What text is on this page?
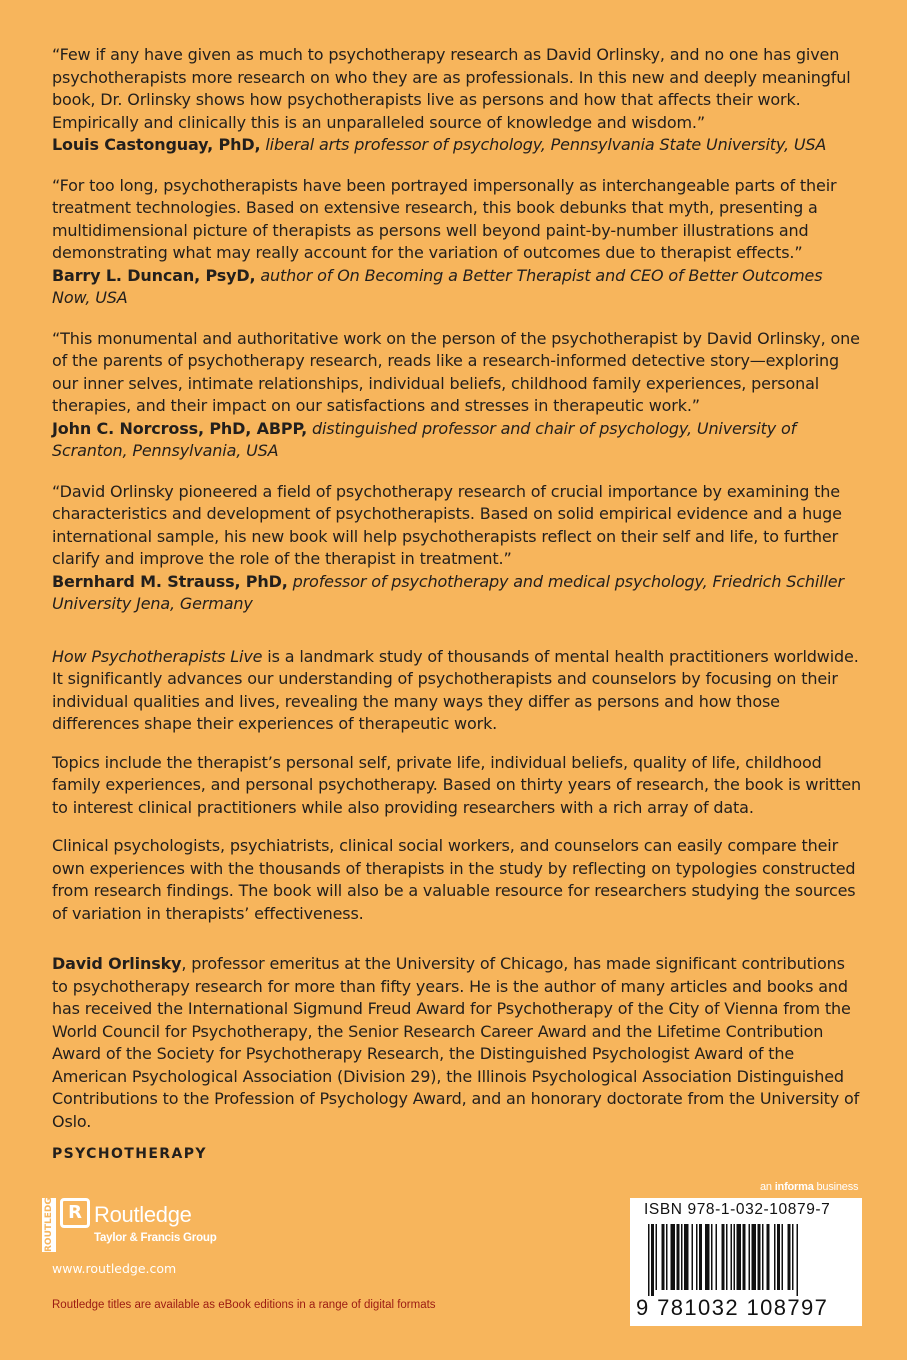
“Few if any have given as much to psychotherapy research as David Orlinsky, and no one has given psychotherapists more research on who they are as professionals. In this new and deeply meaningful book, Dr. Orlinsky shows how psychotherapists live as persons and how that affects their work. Empirically and clinically this is an unparalleled source of knowledge and wisdom.”

Louis Castonguay, PhD, liberal arts professor of psychology, Pennsylvania State University, USA

“For too long, psychotherapists have been portrayed impersonally as interchangeable parts of their treatment technologies. Based on extensive research, this book debunks that myth, presenting a multidimensional picture of therapists as persons well beyond paint-by-number illustrations and demonstrating what may really account for the variation of outcomes due to therapist effects.”

Barry L. Duncan, PsyD, author of On Becoming a Better Therapist and CEO of Better Outcomes Now, USA

“This monumental and authoritative work on the person of the psychotherapist by David Orlinsky, one of the parents of psychotherapy research, reads like a research-informed detective story—exploring our inner selves, intimate relationships, individual beliefs, childhood family experiences, personal therapies, and their impact on our satisfactions and stresses in therapeutic work.”

John C. Norcross, PhD, ABPP, distinguished professor and chair of psychology, University of Scranton, Pennsylvania, USA

“David Orlinsky pioneered a field of psychotherapy research of crucial importance by examining the characteristics and development of psychotherapists. Based on solid empirical evidence and a huge international sample, his new book will help psychotherapists reflect on their self and life, to further clarify and improve the role of the therapist in treatment.”

Bernhard M. Strauss, PhD, professor of psychotherapy and medical psychology, Friedrich Schiller University Jena, Germany

How Psychotherapists Live is a landmark study of thousands of mental health practitioners worldwide. It significantly advances our understanding of psychotherapists and counselors by focusing on their individual qualities and lives, revealing the many ways they differ as persons and how those differences shape their experiences of therapeutic work.

Topics include the therapist’s personal self, private life, individual beliefs, quality of life, childhood family experiences, and personal psychotherapy. Based on thirty years of research, the book is written to interest clinical practitioners while also providing researchers with a rich array of data.

Clinical psychologists, psychiatrists, clinical social workers, and counselors can easily compare their own experiences with the thousands of therapists in the study by reflecting on typologies constructed from research findings. The book will also be a valuable resource for researchers studying the sources of variation in therapists’ effectiveness.

David Orlinsky, professor emeritus at the University of Chicago, has made significant contributions to psychotherapy research for more than fifty years. He is the author of many articles and books and has received the International Sigmund Freud Award for Psychotherapy of the City of Vienna from the World Council for Psychotherapy, the Senior Research Career Award and the Lifetime Contribution Award of the Society for Psychotherapy Research, the Distinguished Psychologist Award of the American Psychological Association (Division 29), the Illinois Psychological Association Distinguished Contributions to the Profession of Psychology Award, and an honorary doctorate from the University of Oslo.

PSYCHOTHERAPY
ROUTLEDGE R Routledge
Taylor & Francis Group
www.routledge.com
Routledge titles are available as eBook editions in a range of digital formats
an informa business
ISBN 978-1-032-10879-7
9 781032 108797
